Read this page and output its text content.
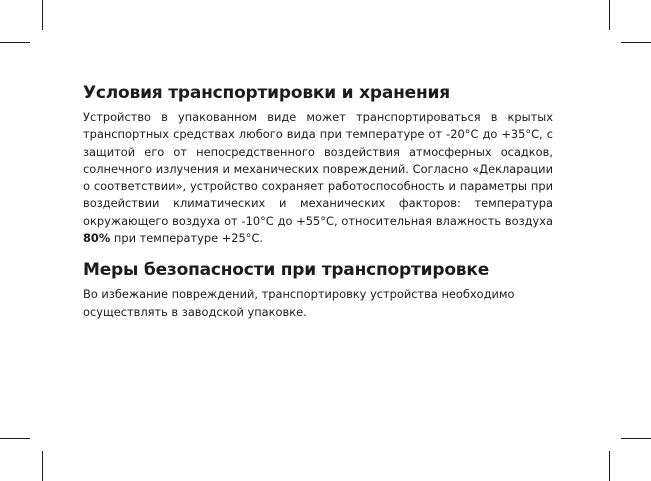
Условия транспортировки и хранения

Устройство в упакованном виде может транспортироваться в крытых транспортных средствах любого вида при температуре от -20°C до +35°C, с защитой его от непосредственного воздействия атмосферных осадков, солнечного излучения и механических повреждений. Согласно «Декларации о соответствии», устройство сохраняет работоспособность и параметры при воздействии климатических и механических факторов: температура окружающего воздуха от -10°C до +55°C, относительная влажность воздуха 80% при температуре +25°C.

Меры безопасности при транспортировке

Во избежание повреждений, транспортировку устройства необходимо осуществлять в заводской упаковке.
